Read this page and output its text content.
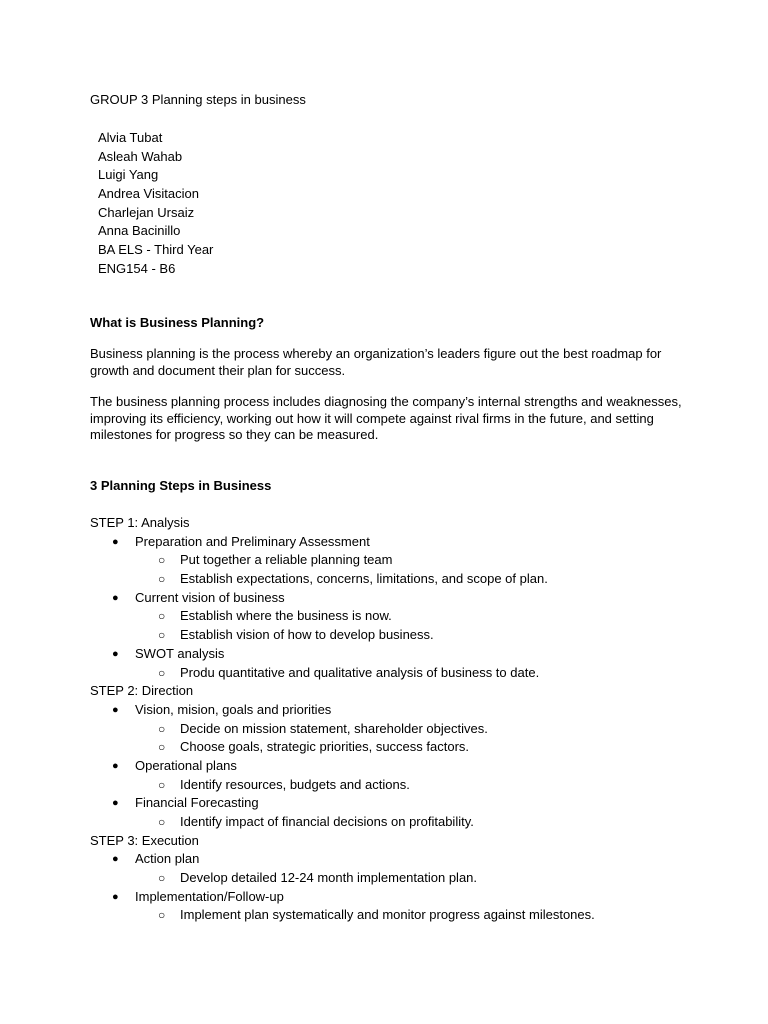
GROUP 3 Planning steps in business
Alvia Tubat
Asleah Wahab
Luigi Yang
Andrea Visitacion
Charlejan Ursaiz
Anna Bacinillo
BA ELS - Third Year
ENG154 - B6
What is Business Planning?
Business planning is the process whereby an organization’s leaders figure out the best roadmap for growth and document their plan for success.
The business planning process includes diagnosing the company’s internal strengths and weaknesses, improving its efficiency, working out how it will compete against rival firms in the future, and setting milestones for progress so they can be measured.
3 Planning Steps in Business
STEP 1: Analysis
● Preparation and Preliminary Assessment
○ Put together a reliable planning team
○ Establish expectations, concerns, limitations, and scope of plan.
● Current vision of business
○ Establish where the business is now.
○ Establish vision of how to develop business.
● SWOT analysis
○ Produ quantitative and qualitative analysis of business to date.
STEP 2: Direction
● Vision, mision, goals and priorities
○ Decide on mission statement, shareholder objectives.
○ Choose goals, strategic priorities, success factors.
● Operational plans
○ Identify resources, budgets and actions.
● Financial Forecasting
○ Identify impact of financial decisions on profitability.
STEP 3: Execution
● Action plan
○ Develop detailed 12-24 month implementation plan.
● Implementation/Follow-up
○ Implement plan systematically and monitor progress against milestones.
